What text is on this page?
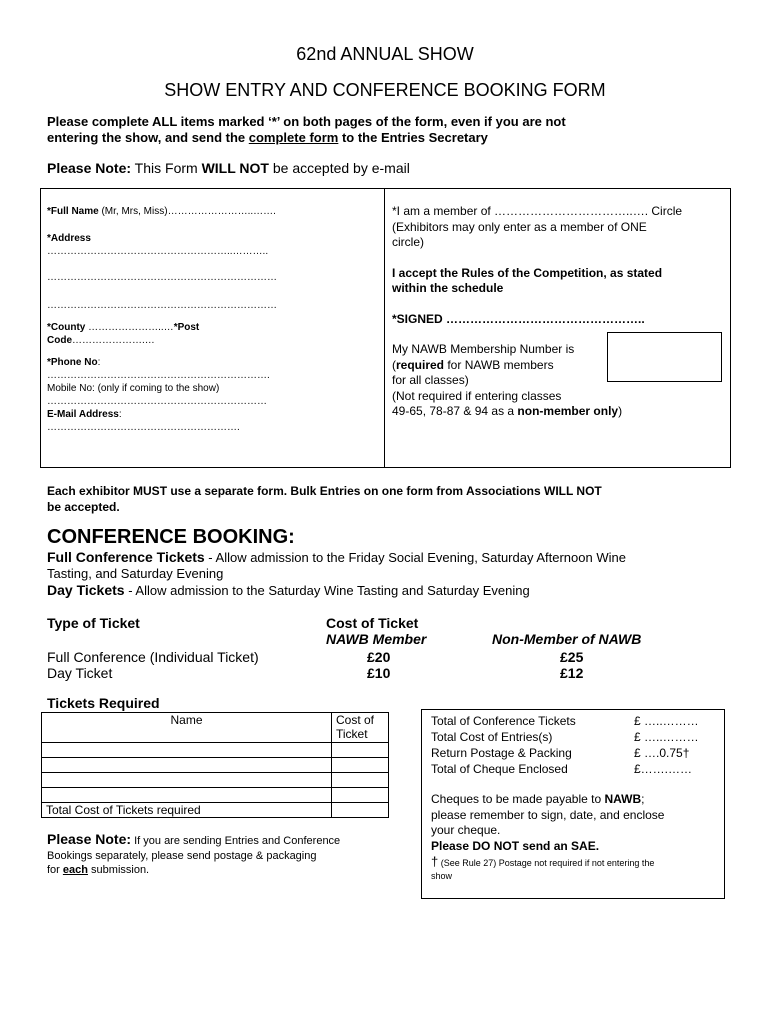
62nd ANNUAL SHOW
SHOW ENTRY AND CONFERENCE BOOKING FORM
Please complete ALL items marked ‘*’ on both pages of the form, even if you are not
entering the show, and send the complete form to the Entries Secretary
Please Note: This Form WILL NOT be accepted by e-mail
*Full Name (Mr, Mrs, Miss)……………………..…….
*Address
………………………………………………..………..
……………………………………………………………
……………………………………………………………
*County …………………..…*Post
Code………………….…
*Phone No:
………………………………………………………….
Mobile No: (only if coming to the show)
…………………………………………………………
E-Mail Address:
………………………………………………….
*I am a member of ……………………………..…. Circle
(Exhibitors may only enter as a member of ONE
circle)
I accept the Rules of the Competition, as stated
within the schedule
*SIGNED …………………………………………..
My NAWB Membership Number is
(required for NAWB members
for all classes)
(Not required if entering classes
49-65, 78-87 & 94 as a non-member only)
Each exhibitor MUST use a separate form. Bulk Entries on one form from Associations WILL NOT
be accepted.
CONFERENCE BOOKING:
Full Conference Tickets - Allow admission to the Friday Social Evening, Saturday Afternoon Wine
Tasting, and Saturday Evening
Day Tickets - Allow admission to the Saturday Wine Tasting and Saturday Evening
Type of Ticket	Cost of Ticket
NAWB Member	Non-Member of NAWB
Full Conference (Individual Ticket)	£20	£25
Day Ticket	£10	£12
Tickets Required
Name	Cost of
Ticket

Total Cost of Tickets required	
Please Note: If you are sending Entries and Conference
Bookings separately, please send postage & packaging
for each submission.
Total of Conference Tickets	£ …..………
Total Cost of Entries(s)	£ …..………
Return Postage & Packing	£ ….0.75†
Total of Cheque Enclosed	£…….……
Cheques to be made payable to NAWB;
please remember to sign, date, and enclose
your cheque.
Please DO NOT send an SAE.
† (See Rule 27) Postage not required if not entering the
show
